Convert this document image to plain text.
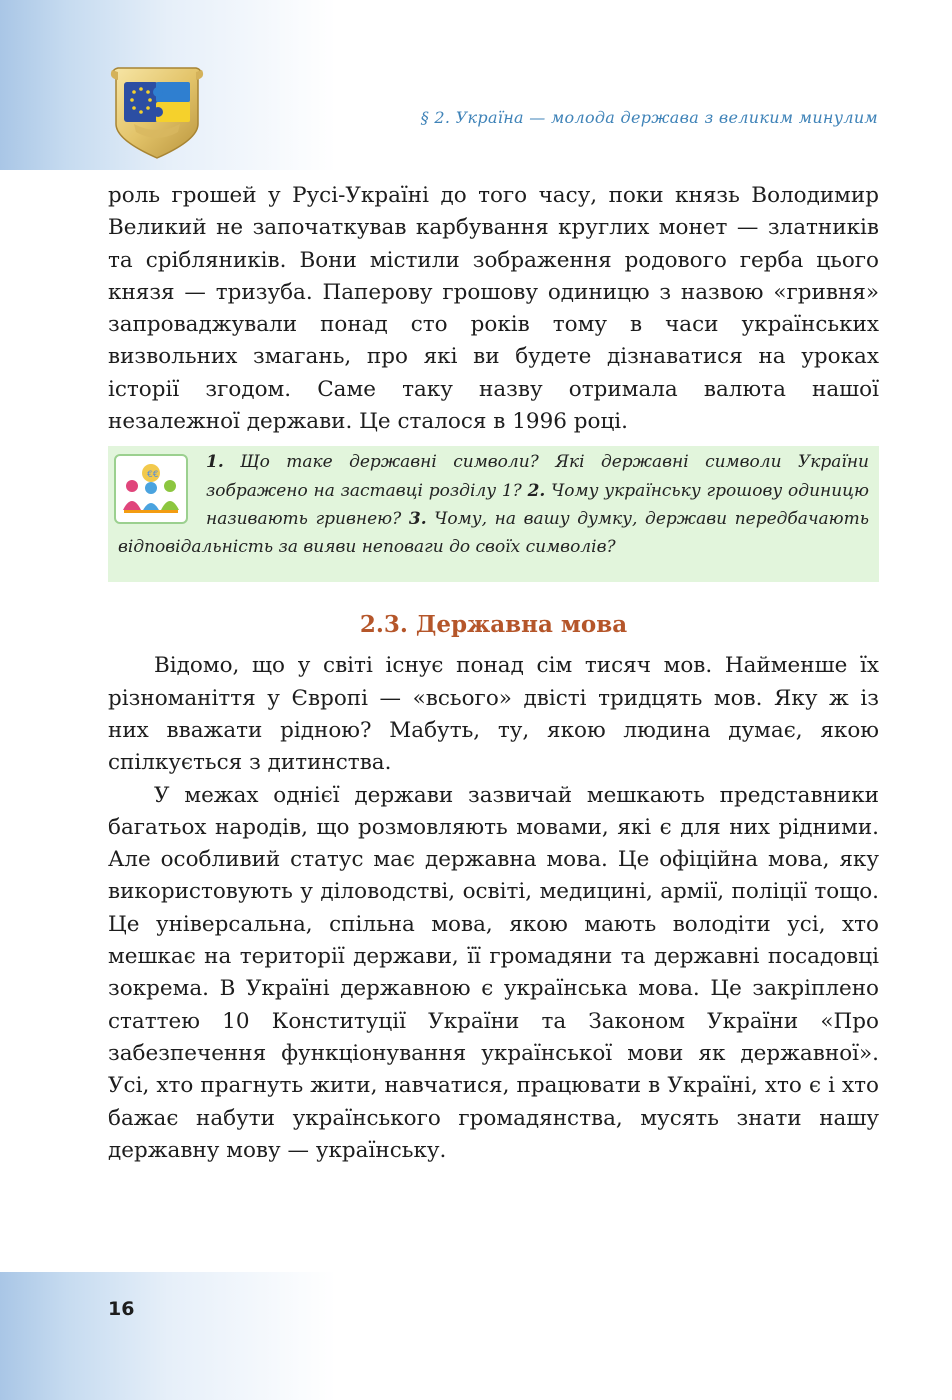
§ 2. Україна — молода держава з великим минулим

роль грошей у Русі-Україні до того часу, поки князь Володимир Великий не започаткував карбування круглих монет — златників та срібляників. Вони містили зображення родового герба цього князя — тризуба. Паперову грошову одиницю з назвою «гривня» запроваджували понад сто років тому в часи українських визвольних змагань, про які ви будете дізнаватися на уроках історії згодом. Саме таку назву отримала валюта нашої незалежної держави. Це сталося в 1996 році.

€€

1. Що таке державні символи? Які державні символи України зображено на заставці розділу 1? 2. Чому українську грошову одиницю називають гривнею? 3. Чому, на вашу думку, держави передбачають відповідальність за вияви неповаги до своїх символів?

2.3. Державна мова

Відомо, що у світі існує понад сім тисяч мов. Найменше їх різноманіття у Європі — «всього» двісті тридцять мов. Яку ж із них вважати рідною? Мабуть, ту, якою людина думає, якою спілкується з дитинства.

У межах однієї держави зазвичай мешкають представники багатьох народів, що розмовляють мовами, які є для них рідними. Але особливий статус має державна мова. Це офіційна мова, яку використовують у діловодстві, освіті, медицині, армії, поліції тощо. Це універсальна, спільна мова, якою мають володіти усі, хто мешкає на території держави, її громадяни та державні посадовці зокрема. В Україні державною є українська мова. Це закріплено статтею 10 Конституції України та Законом України «Про забезпечення функціонування української мови як державної». Усі, хто прагнуть жити, навчатися, працювати в Україні, хто є і хто бажає набути українського громадянства, мусять знати нашу державну мову — українську.

16
